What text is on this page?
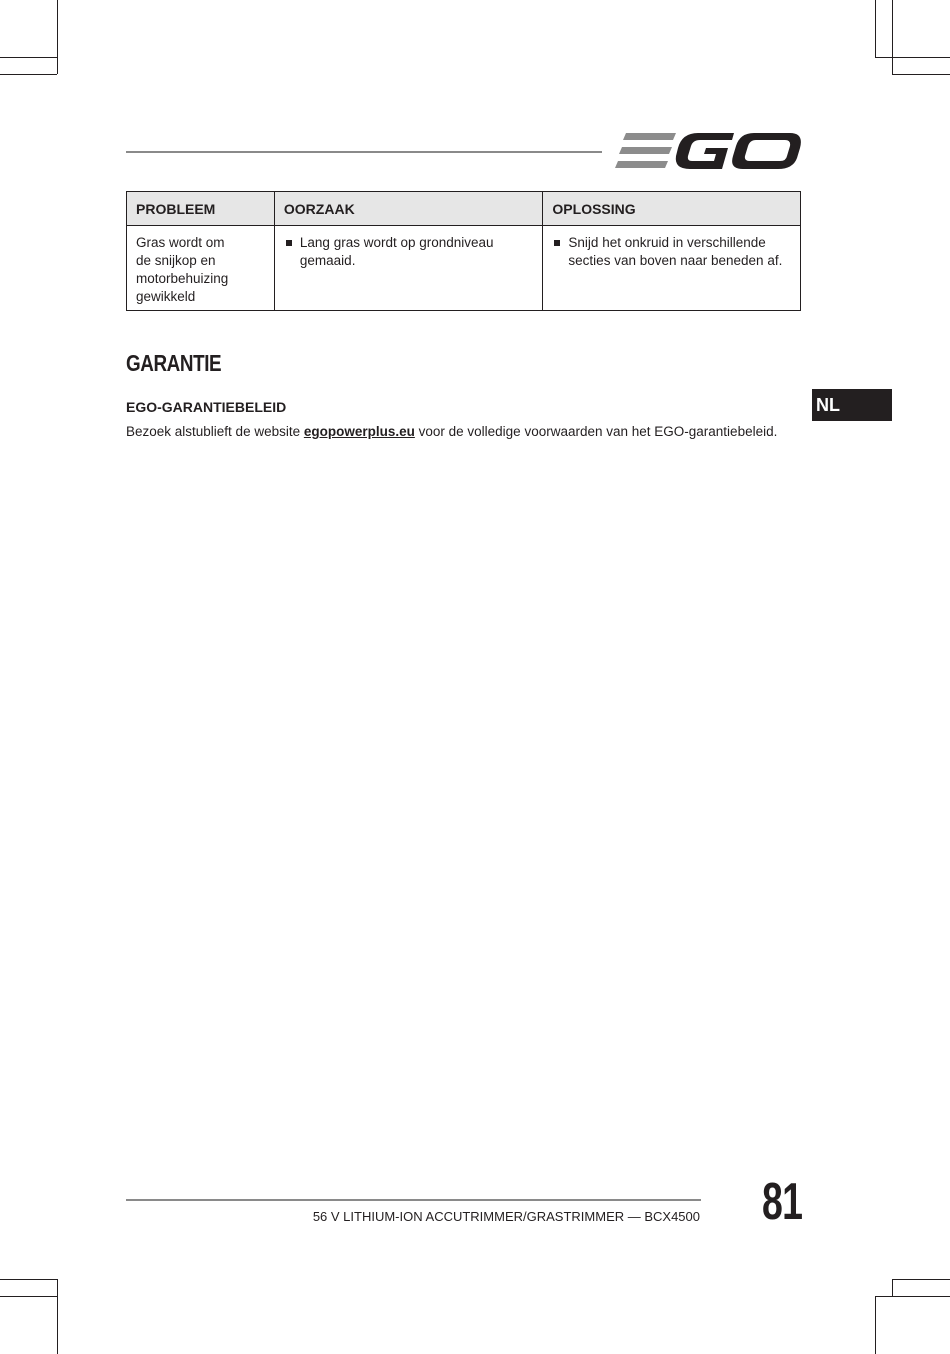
PROBLEEM	OORZAAK	OPLOSSING

Gras wordt om de snijkop en motorbehuizing gewikkeld	Lang gras wordt op grondniveau gemaaid.	Snijd het onkruid in verschillende secties van boven naar beneden af.
GARANTIE
EGO-GARANTIEBELEID
Bezoek alstublieft de website egopowerplus.eu voor de volledige voorwaarden van het EGO-garantiebeleid.
NL
56 V LITHIUM-ION ACCUTRIMMER/GRASTRIMMER — BCX4500 81
